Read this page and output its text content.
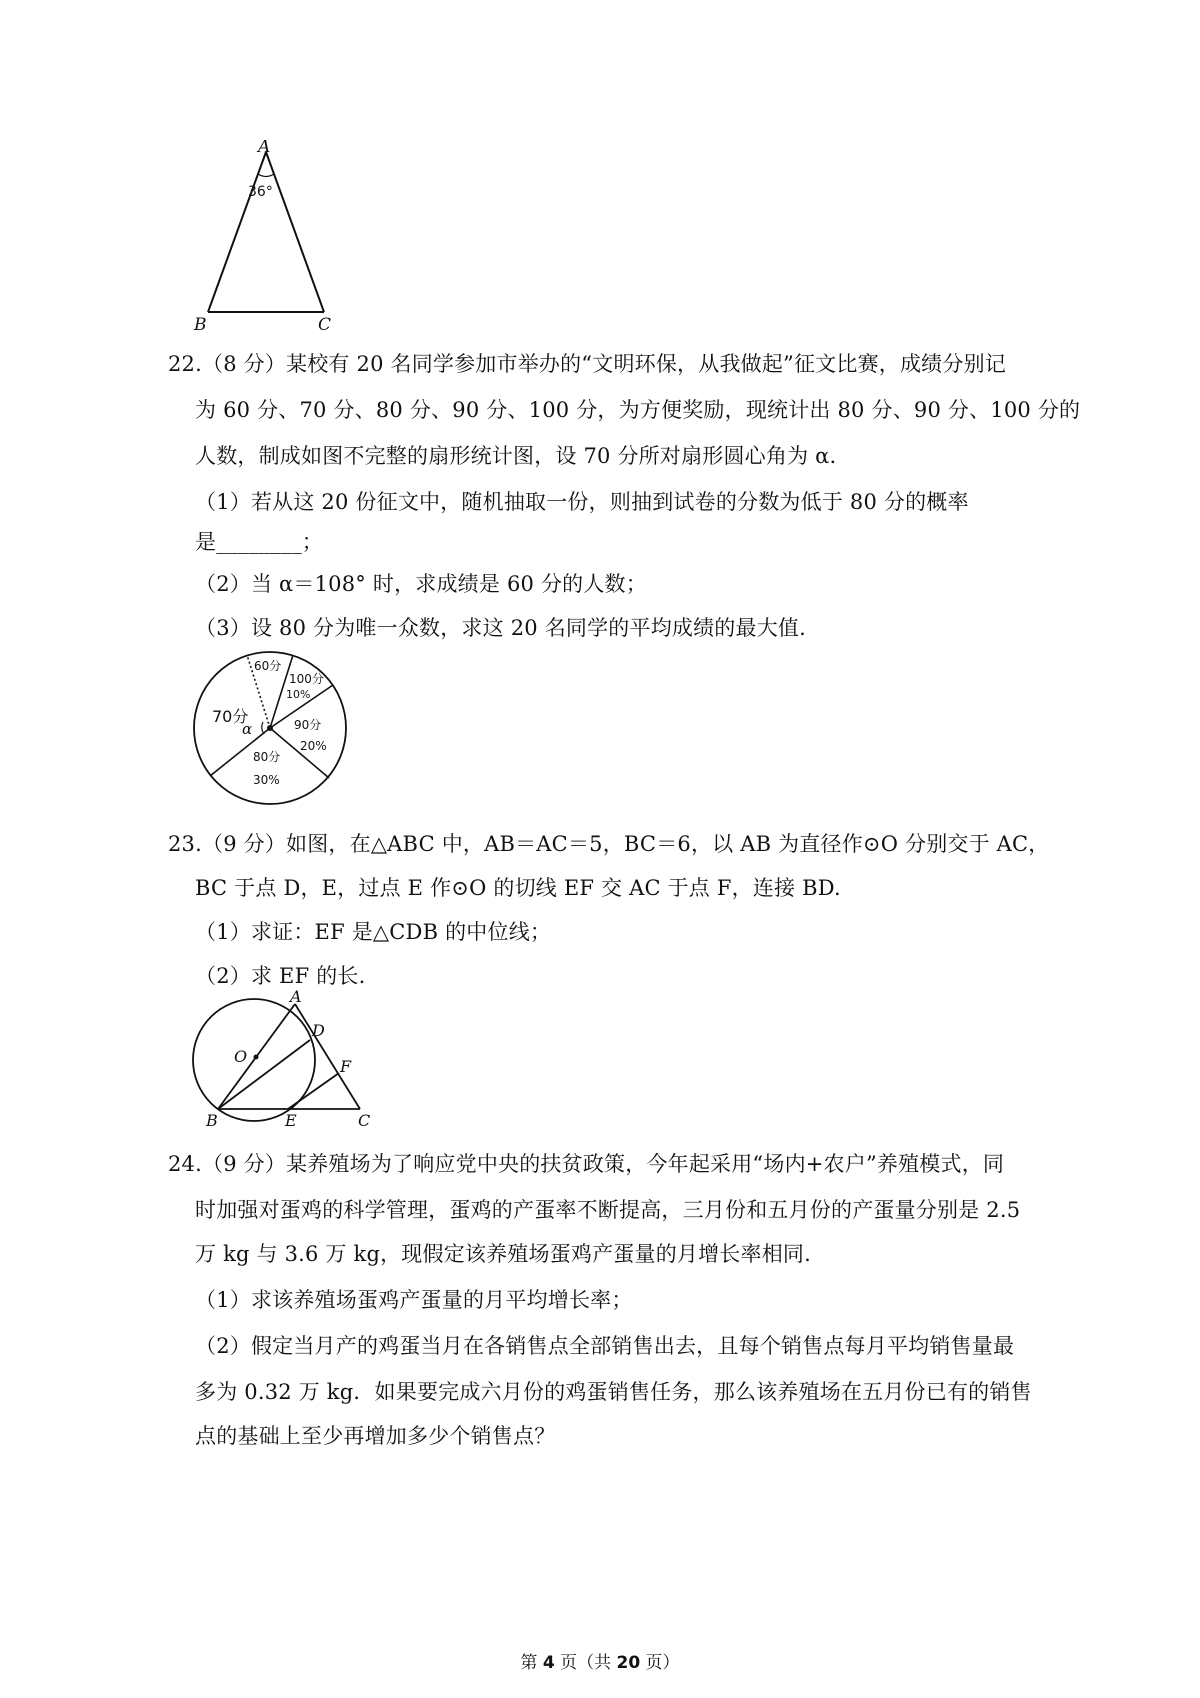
A
B	C
36°
22.（8 分）某校有 20 名同学参加市举办的“文明环保，从我做起”征文比赛，成绩分别记
为 60 分、70 分、80 分、90 分、100 分，为方便奖励，现统计出 80 分、90 分、100 分的
人数，制成如图不完整的扇形统计图，设 70 分所对扇形圆心角为 α.
（1）若从这 20 份征文中，随机抽取一份，则抽到试卷的分数为低于 80 分的概率
是________；
（2）当 α＝108° 时，求成绩是 60 分的人数；
（3）设 80 分为唯一众数，求这 20 名同学的平均成绩的最大值.
60分
100分
10%
70分
α	90分
20%
80分
30%
23.（9 分）如图，在△ABC 中，AB＝AC＝5，BC＝6，以 AB 为直径作⊙O 分别交于 AC，
BC 于点 D，E，过点 E 作⊙O 的切线 EF 交 AC 于点 F，连接 BD.
（1）求证：EF 是△CDB 的中位线；
（2）求 EF 的长.
A
D
O
F
B	E	C
24.（9 分）某养殖场为了响应党中央的扶贫政策，今年起采用“场内+农户”养殖模式，同
时加强对蛋鸡的科学管理，蛋鸡的产蛋率不断提高，三月份和五月份的产蛋量分别是 2.5
万 kg 与 3.6 万 kg，现假定该养殖场蛋鸡产蛋量的月增长率相同.
（1）求该养殖场蛋鸡产蛋量的月平均增长率；
（2）假定当月产的鸡蛋当月在各销售点全部销售出去，且每个销售点每月平均销售量最
多为 0.32 万 kg．如果要完成六月份的鸡蛋销售任务，那么该养殖场在五月份已有的销售
点的基础上至少再增加多少个销售点？
第 4 页（共 20 页）
